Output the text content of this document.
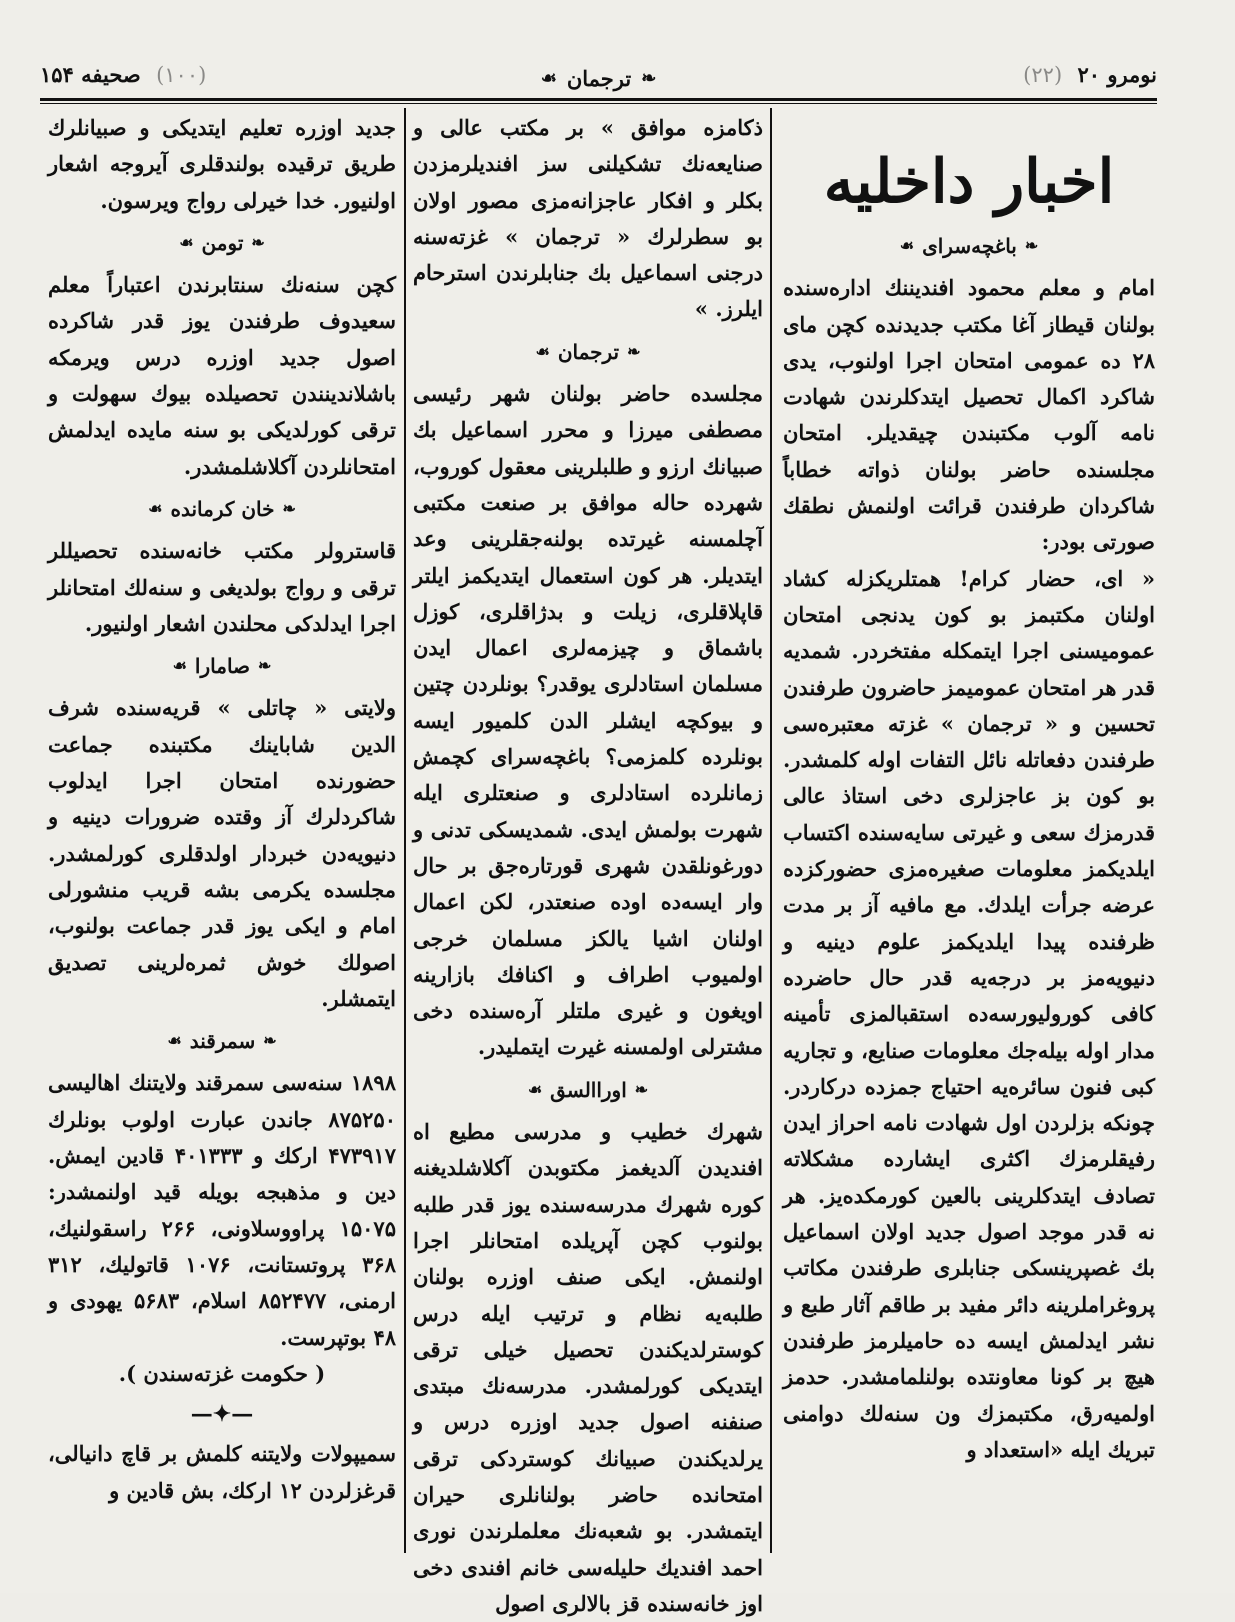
نومرو ۲۰ (۲۲)
❧
ترجمان
☙
(۱۰۰) صحيفه ۱۵۴
اخبار داخليه
❧
باغچه‌سراى
☙

امام و معلم محمود افنديننك اداره‌سنده بولنان قيطاز آغا مكتب جديدنده كچن ماى ۲۸ ده عمومى امتحان اجرا اولنوب، يدى شاكرد اكمال تحصيل ايتدكلرندن شهادت نامه آلوب مكتبندن چيقديلر. امتحان مجلسنده حاضر بولنان ذواته خطاباً شاكردان طرفندن قرائت اولنمش نطقك صورتى بودر:

« اى، حضار كرام! همتلريكزله كشاد اولنان مكتبمز بو كون يدنجى امتحان عموميسنى اجرا ايتمكله مفتخردر. شمديه قدر هر امتحان عموميمز حاضرون طرفندن تحسين و « ترجمان » غزته معتبره‌سى طرفندن دفعاتله نائل التفات اوله كلمشدر. بو كون بز عاجزلرى دخى استاذ عالى قدرمزك سعى و غيرتى سايه‌سنده اكتساب ايلديكمز معلومات صغيره‌مزى حضوركزده عرضه جرأت ايلدك. مع مافيه آز بر مدت ظرفنده پيدا ايلديكمز علوم دينيه و دنيويه‌مز بر درجه‌يه قدر حال حاضرده كافى كوروليورسه‌ده استقبالمزى تأمينه مدار اوله بيله‌جك معلومات صنايع، و تجاريه كبى فنون سائره‌يه احتياج جمزده دركاردر. چونكه بزلردن اول شهادت نامه احراز ايدن رفيقلرمزك اكثرى ايشارده مشكلاته تصادف ايتدكلرينى بالعين كورمكده‌يز. هر نه قدر موجد اصول جديد اولان اسماعيل بك غصپرينسكى جنابلرى طرفندن مكاتب پروغراملرينه دائر مفيد بر طاقم آثار طبع و نشر ايدلمش ايسه ده حاميلرمز طرفندن هيچ بر كونا معاونتده بولنلمامشدر. حدمز اولميه‌رق، مكتبمزك ون سنه‌لك دوامنى تبريك ايله «استعداد و

ذكامزه موافق » بر مكتب عالى و صنايعه‌نك تشكيلنى سز افنديلرمزدن بكلر و افكار عاجزانه‌مزى مصور اولان بو سطرلرك « ترجمان » غزته‌سنه درجنى اسماعيل بك جنابلرندن استرحام ايلرز. »

❧
ترجمان
☙

مجلسده حاضر بولنان شهر رئيسى مصطفى ميرزا و محرر اسماعيل بك صبيانك ارزو و طلبلرينى معقول كوروب، شهرده حاله موافق بر صنعت مكتبى آچلمسنه غيرتده بولنه‌جقلرينى وعد ايتديلر. هر كون استعمال ايتديكمز ايلتر قاپلاقلرى، زيلت و بدژاقلرى، كوزل باشماق و چيزمه‌لرى اعمال ايدن مسلمان استادلرى يوقدر؟ بونلردن چتين و بيوكچه ايشلر الدن كلميور ايسه بونلرده كلمزمى؟ باغچه‌سراى كچمش زمانلرده استادلرى و صنعتلرى ايله شهرت بولمش ايدى. شمديسكى تدنى و دورغونلقدن شهرى قورتاره‌جق بر حال وار ايسه‌ده اوده صنعتدر، لكن اعمال اولنان اشيا يالكز مسلمان خرجى اولميوب اطراف و اكنافك بازارينه اويغون و غيرى ملتلر آره‌سنده دخى مشترلى اولمسنه غيرت ايتمليدر.

❧
اوراالسق
☙

شهرك خطيب و مدرسى مطيع اه افنديدن آلديغمز مكتوبدن آكلاشلديغنه كوره شهرك مدرسه‌سنده يوز قدر طلبه بولنوب كچن آپريلده امتحانلر اجرا اولنمش. ايكى صنف اوزره بولنان طلبه‌يه نظام و ترتيب ايله درس كوسترلديكندن تحصيل خيلى ترقى ايتديكى كورلمشدر. مدرسه‌نك مبتدى صنفنه اصول جديد اوزره درس و يرلديكندن صبيانك كوستردكى ترقى امتحانده حاضر بولنانلرى حيران ايتمشدر. بو شعبه‌نك معلملرندن نورى احمد افنديك حليله‌سى خانم افندى دخى اوز خانه‌سنده قز بالالرى اصول

جديد اوزره تعليم ايتديكى و صبيانلرك طريق ترقيده بولندقلرى آيرو‌جه اشعار اولنيور. خدا خيرلى رواج ويرسون.

❧
تومن
☙

كچن سنه‌نك سنتابرندن اعتباراً معلم سعيدوف طرفندن يوز قدر شاكرده اصول جديد اوزره درس ويرمكه باشلاندينندن تحصيلده بيوك سهولت و ترقى كورلديكى بو سنه مايده ايدلمش امتحانلردن آكلاشلمشدر.

❧
خان كرمانده
☙

قاسترولر مكتب خانه‌سنده تحصيللر ترقى و رواج بولديغى و سنه‌لك امتحانلر اجرا ايدلدكى محلندن اشعار اولنيور.

❧
صامارا
☙

ولايتى « چاتلى » قريه‌سنده شرف الدين شاباينك مكتبنده جماعت حضورنده امتحان اجرا ايدلوب شاكردلرك آز وقتده ضرورات دينيه و دنيويه‌دن خبردار اولدقلرى كورلمشدر. مجلسده يكرمى بشه قريب منشورلى امام و ايكى يوز قدر جماعت بولنوب، اصولك خوش ثمره‌لرينى تصديق ايتمشلر.

❧
سمرقند
☙

۱۸۹۸ سنه‌سى سمرقند ولايتنك اهاليسى ۸۷۵۲۵۰ جاندن عبارت اولوب بونلرك ۴۷۳۹۱۷ اركك و ۴۰۱۳۳۳ قادين ايمش. دين و مذهبجه بويله قيد اولنمشدر: ۱۵۰۷۵ پراووسلاونى، ۲۶۶ راسقولنيك، ۳۶۸ پروتستانت، ۱۰۷۶ قاتوليك، ۳۱۲ ارمنى، ۸۵۲۴۷۷ اسلام، ۵۶۸۳ يهودى و ۴۸ بوتپرست.

( حكومت غزته‌سندن ).

—✦—

سميپولات ولايتنه كلمش بر قاچ دانيالى، قرغزلردن ۱۲ اركك، بش قادين و
